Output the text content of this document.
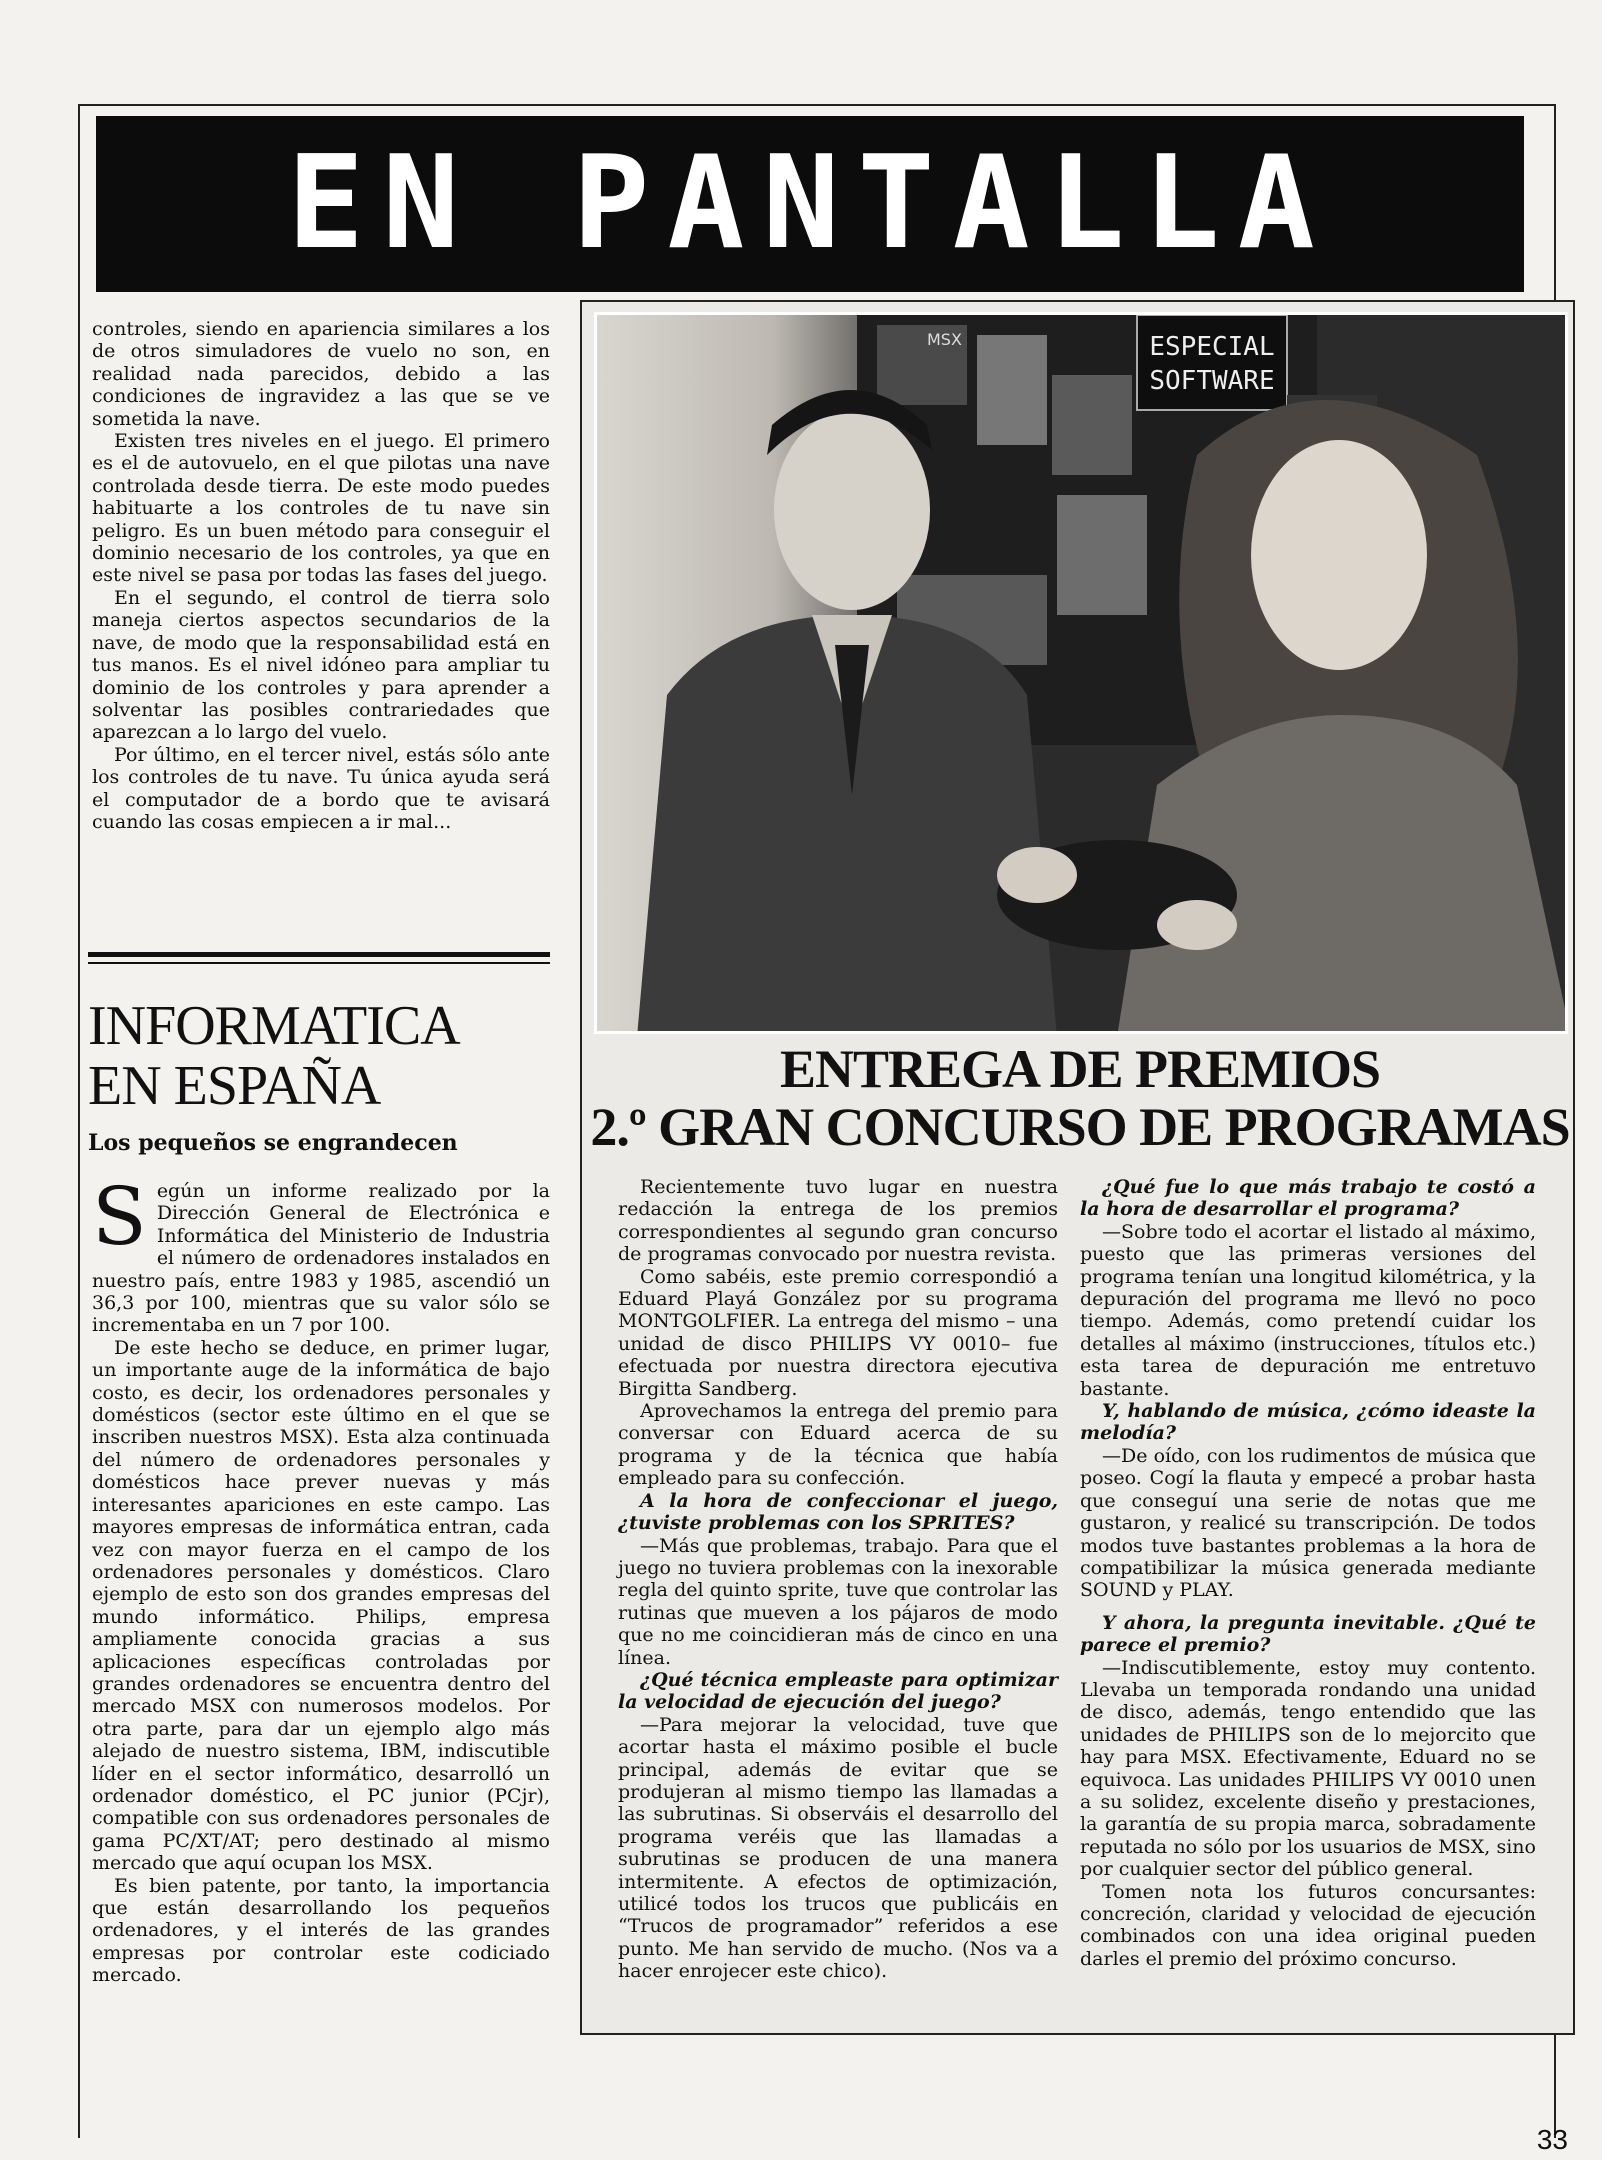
EN PANTALLA

controles, siendo en apariencia similares a los de otros simuladores de vuelo no son, en realidad nada parecidos, debido a las condiciones de ingravidez a las que se ve sometida la nave.

Existen tres niveles en el juego. El primero es el de autovuelo, en el que pilotas una nave controlada desde tierra. De este modo puedes habituarte a los controles de tu nave sin peligro. Es un buen método para conseguir el dominio necesario de los controles, ya que en este nivel se pasa por todas las fases del juego.

En el segundo, el control de tierra solo maneja ciertos aspectos secundarios de la nave, de modo que la responsabilidad está en tus manos. Es el nivel idóneo para ampliar tu dominio de los controles y para aprender a solventar las posibles contrariedades que aparezcan a lo largo del vuelo.

Por último, en el tercer nivel, estás sólo ante los controles de tu nave. Tu única ayuda será el computador de a bordo que te avisará cuando las cosas empiecen a ir mal...

INFORMATICA
EN ESPAÑA
Los pequeños se engrandecen

Según un informe realizado por la Dirección General de Electrónica e Informática del Ministerio de Industria el número de ordenadores instalados en nuestro país, entre 1983 y 1985, ascendió un 36,3 por 100, mientras que su valor sólo se incrementaba en un 7 por 100.

De este hecho se deduce, en primer lugar, un importante auge de la informática de bajo costo, es decir, los ordenadores personales y domésticos (sector este último en el que se inscriben nuestros MSX). Esta alza continuada del número de ordenadores personales y domésticos hace prever nuevas y más interesantes apariciones en este campo. Las mayores empresas de informática entran, cada vez con mayor fuerza en el campo de los ordenadores personales y domésticos. Claro ejemplo de esto son dos grandes empresas del mundo informático. Philips, empresa ampliamente conocida gracias a sus aplicaciones específicas controladas por grandes ordenadores se encuentra dentro del mercado MSX con numerosos modelos. Por otra parte, para dar un ejemplo algo más alejado de nuestro sistema, IBM, indiscutible líder en el sector informático, desarrolló un ordenador doméstico, el PC junior (PCjr), compatible con sus ordenadores personales de gama PC/XT/AT; pero destinado al mismo mercado que aquí ocupan los MSX.

Es bien patente, por tanto, la importancia que están desarrollando los pequeños ordenadores, y el interés de las grandes empresas por controlar este codiciado mercado.

ESPECIAL
SOFTWARE
MSX
ENTREGA DE PREMIOS
2.º GRAN CONCURSO DE PROGRAMAS

Recientemente tuvo lugar en nuestra redacción la entrega de los premios correspondientes al segundo gran concurso de programas convocado por nuestra revista.

Como sabéis, este premio correspondió a Eduard Playá González por su programa MONTGOLFIER. La entrega del mismo – una unidad de disco PHILIPS VY 0010– fue efectuada por nuestra directora ejecutiva Birgitta Sandberg.

Aprovechamos la entrega del premio para conversar con Eduard acerca de su programa y de la técnica que había empleado para su confección.

A la hora de confeccionar el juego, ¿tuviste problemas con los SPRITES?

—Más que problemas, trabajo. Para que el juego no tuviera problemas con la inexorable regla del quinto sprite, tuve que controlar las rutinas que mueven a los pájaros de modo que no me coincidieran más de cinco en una línea.

¿Qué técnica empleaste para optimizar la velocidad de ejecución del juego?

—Para mejorar la velocidad, tuve que acortar hasta el máximo posible el bucle principal, además de evitar que se produjeran al mismo tiempo las llamadas a las subrutinas. Si observáis el desarrollo del programa veréis que las llamadas a subrutinas se producen de una manera intermitente. A efectos de optimización, utilicé todos los trucos que publicáis en “Trucos de programador” referidos a ese punto. Me han servido de mucho. (Nos va a hacer enrojecer este chico).

¿Qué fue lo que más trabajo te costó a la hora de desarrollar el programa?

—Sobre todo el acortar el listado al máximo, puesto que las primeras versiones del programa tenían una longitud kilométrica, y la depuración del programa me llevó no poco tiempo. Además, como pretendí cuidar los detalles al máximo (instrucciones, títulos etc.) esta tarea de depuración me entretuvo bastante.

Y, hablando de música, ¿cómo ideaste la melodía?

—De oído, con los rudimentos de música que poseo. Cogí la flauta y empecé a probar hasta que conseguí una serie de notas que me gustaron, y realicé su transcripción. De todos modos tuve bastantes problemas a la hora de compatibilizar la música generada mediante SOUND y PLAY.

Y ahora, la pregunta inevitable. ¿Qué te parece el premio?

—Indiscutiblemente, estoy muy contento. Llevaba un temporada rondando una unidad de disco, además, tengo entendido que las unidades de PHILIPS son de lo mejorcito que hay para MSX. Efectivamente, Eduard no se equivoca. Las unidades PHILIPS VY 0010 unen a su solidez, excelente diseño y prestaciones, la garantía de su propia marca, sobradamente reputada no sólo por los usuarios de MSX, sino por cualquier sector del público general.

Tomen nota los futuros concursantes: concreción, claridad y velocidad de ejecución combinados con una idea original pueden darles el premio del próximo concurso.

33
